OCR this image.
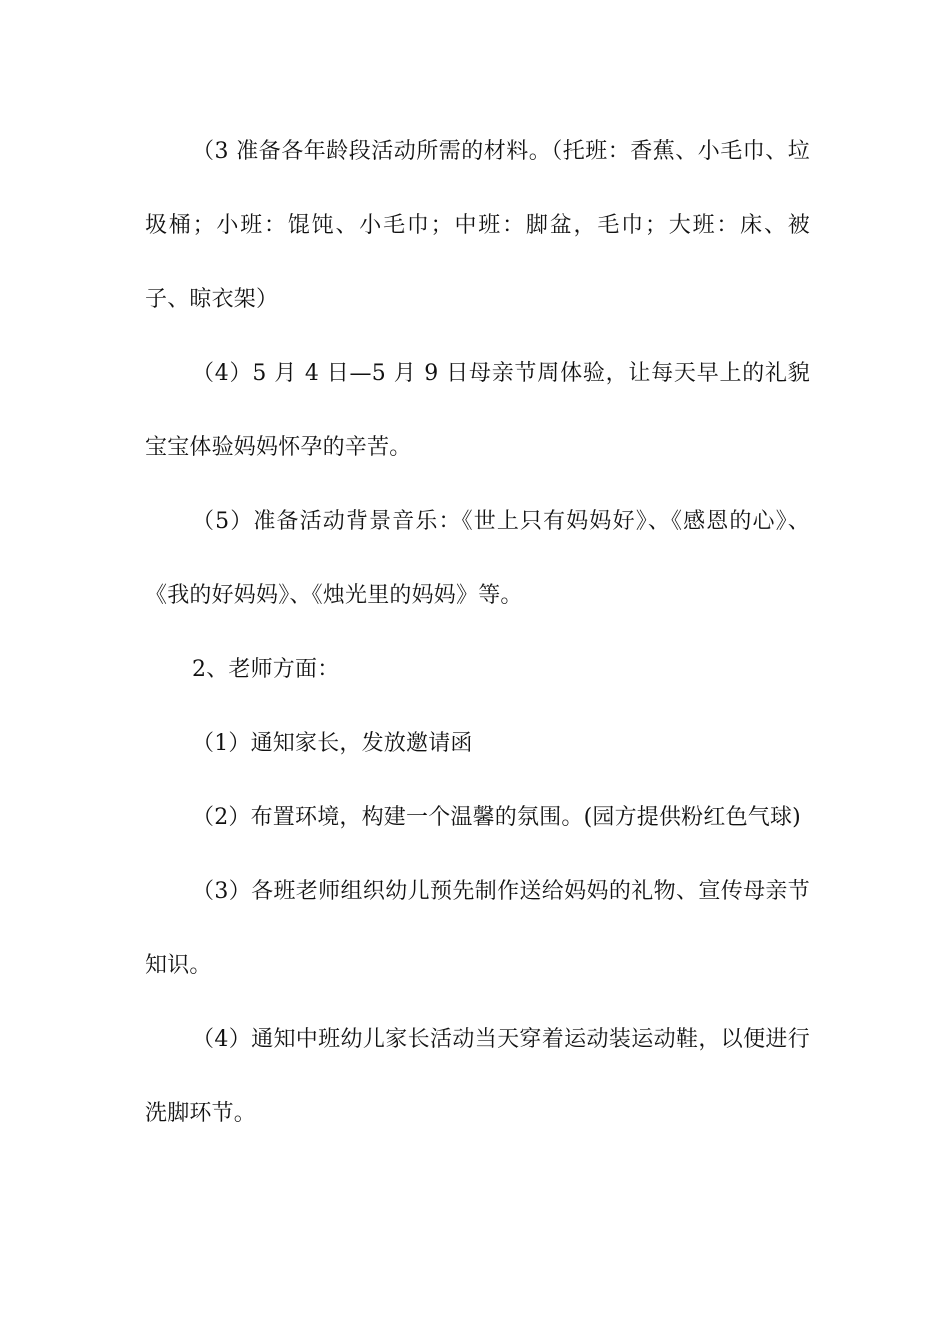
（3 准备各年龄段活动所需的材料。（托班：香蕉、小毛巾、垃圾桶；小班：馄饨、小毛巾；中班：脚盆，毛巾；大班：床、被子、晾衣架）

（4）5 月 4 日—5 月 9 日母亲节周体验，让每天早上的礼貌宝宝体验妈妈怀孕的辛苦。

（5）准备活动背景音乐：《世上只有妈妈好》、《感恩的心》、《我的好妈妈》、《烛光里的妈妈》等。

2、老师方面：

（1）通知家长，发放邀请函

（2）布置环境，构建一个温馨的氛围。(园方提供粉红色气球)

（3）各班老师组织幼儿预先制作送给妈妈的礼物、宣传母亲节知识。

（4）通知中班幼儿家长活动当天穿着运动装运动鞋，以便进行洗脚环节。
